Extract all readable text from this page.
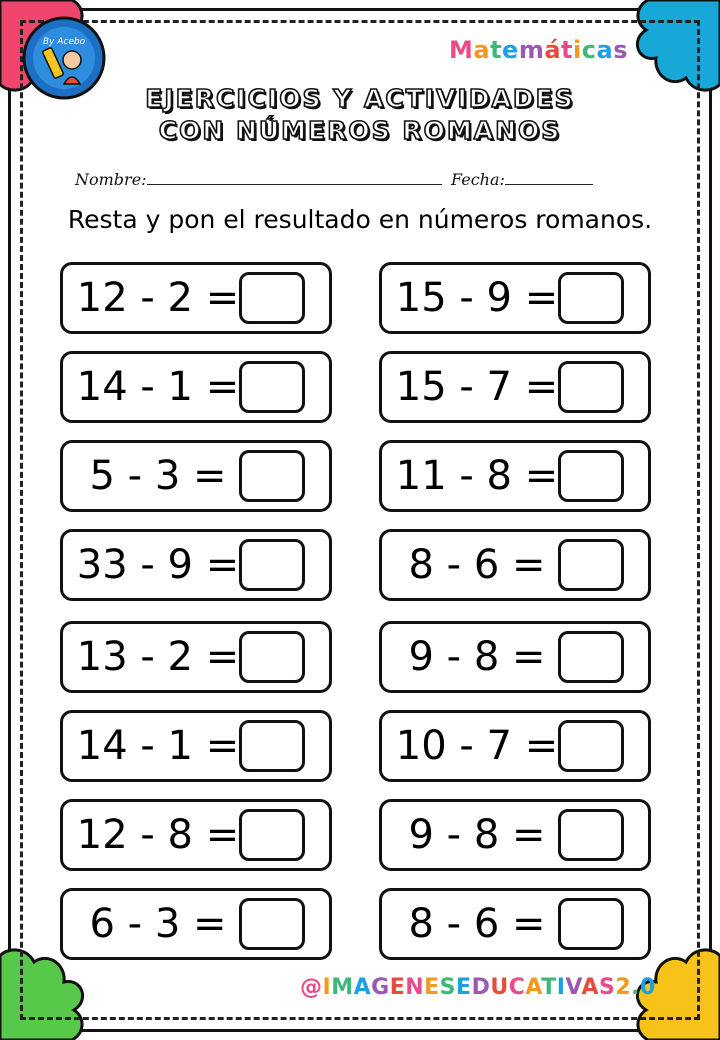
By Acebo	Matemáticas
EJERCICIOS Y ACTIVIDADES
CON NÚMEROS ROMANOS
Nombre:	Fecha:
Resta y pon el resultado en números romanos.
12 - 2 =
14 - 1 =
5 - 3 =
33 - 9 =
13 - 2 =
14 - 1 =
12 - 8 =
6 - 3 =
15 - 9 =
15 - 7 =
11 - 8 =
8 - 6 =
9 - 8 =
10 - 7 =
9 - 8 =
8 - 6 =
@IMAGENESEDUCATIVAS2.0
